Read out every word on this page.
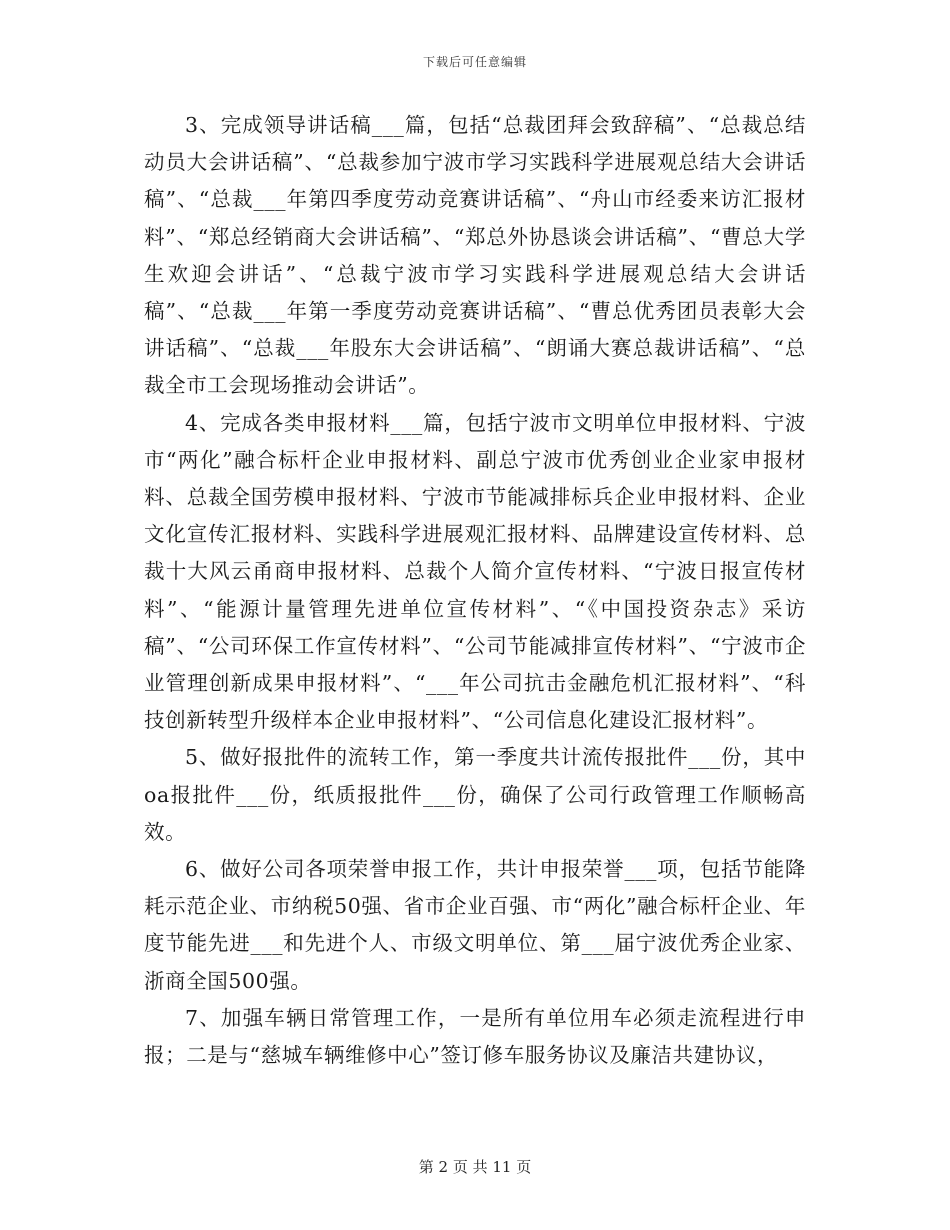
下载后可任意编辑

3、完成领导讲话稿___篇，包括“总裁团拜会致辞稿”、“总裁总结动员大会讲话稿”、“总裁参加宁波市学习实践科学进展观总结大会讲话稿”、“总裁___年第四季度劳动竞赛讲话稿”、“舟山市经委来访汇报材料”、“郑总经销商大会讲话稿”、“郑总外协恳谈会讲话稿”、“曹总大学生欢迎会讲话”、“总裁宁波市学习实践科学进展观总结大会讲话稿”、“总裁___年第一季度劳动竞赛讲话稿”、“曹总优秀团员表彰大会讲话稿”、“总裁___年股东大会讲话稿”、“朗诵大赛总裁讲话稿”、“总裁全市工会现场推动会讲话”。

4、完成各类申报材料___篇，包括宁波市文明单位申报材料、宁波市“两化”融合标杆企业申报材料、副总宁波市优秀创业企业家申报材料、总裁全国劳模申报材料、宁波市节能减排标兵企业申报材料、企业文化宣传汇报材料、实践科学进展观汇报材料、品牌建设宣传材料、总裁十大风云甬商申报材料、总裁个人简介宣传材料、“宁波日报宣传材料”、“能源计量管理先进单位宣传材料”、“《中国投资杂志》采访稿”、“公司环保工作宣传材料”、“公司节能减排宣传材料”、“宁波市企业管理创新成果申报材料”、“___年公司抗击金融危机汇报材料”、“科技创新转型升级样本企业申报材料”、“公司信息化建设汇报材料”。

5、做好报批件的流转工作，第一季度共计流传报批件___份，其中oa报批件___份，纸质报批件___份，确保了公司行政管理工作顺畅高效。

6、做好公司各项荣誉申报工作，共计申报荣誉___项，包括节能降耗示范企业、市纳税50强、省市企业百强、市“两化”融合标杆企业、年度节能先进___和先进个人、市级文明单位、第___届宁波优秀企业家、浙商全国500强。

7、加强车辆日常管理工作，一是所有单位用车必须走流程进行申报；二是与“慈城车辆维修中心”签订修车服务协议及廉洁共建协议，

第 2 页 共 11 页
